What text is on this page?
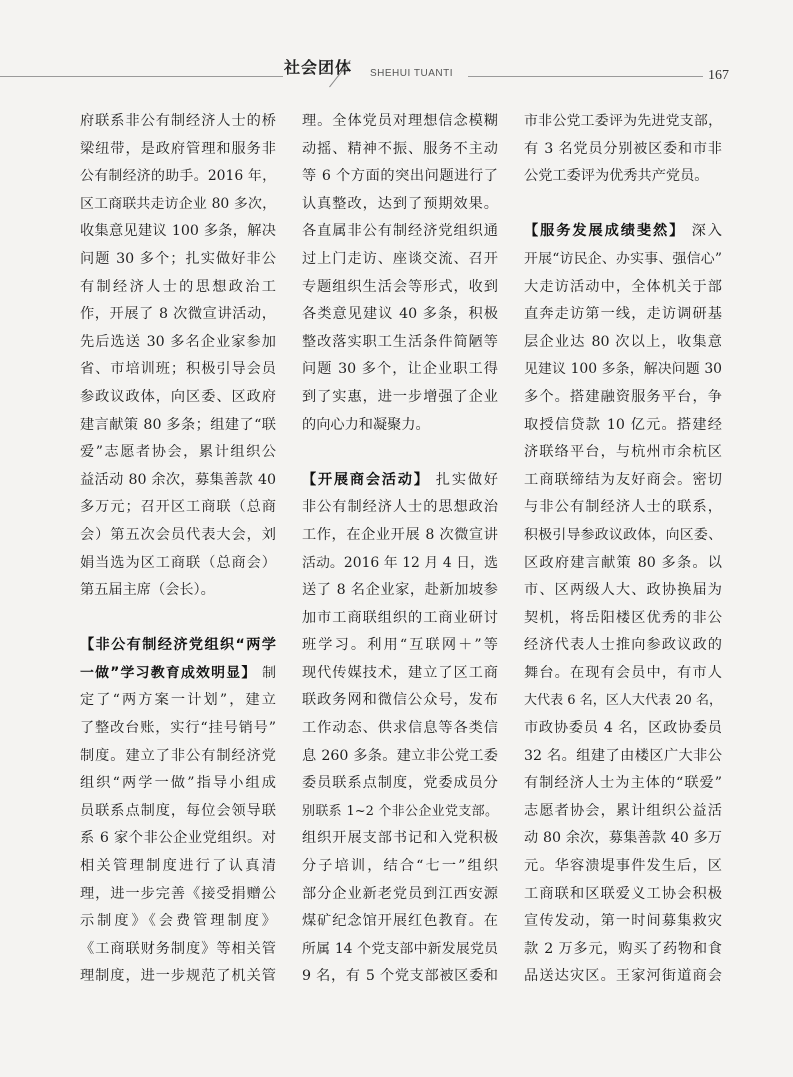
社会团体 SHEHUI TUANTI	167
府联系非公有制经济人士的桥
梁纽带，是政府管理和服务非
公有制经济的助手。2016 年，
区工商联共走访企业 80 多次，
收集意见建议 100 多条，解决
问题 30 多个；扎实做好非公
有制经济人士的思想政治工
作，开展了 8 次微宣讲活动，
先后选送 30 多名企业家参加
省、市培训班；积极引导会员
参政议政体，向区委、区政府
建言献策 80 多条；组建了“联
爱”志愿者协会，累计组织公
益活动 80 余次，募集善款 40
多万元；召开区工商联（总商
会）第五次会员代表大会，刘
娟当选为区工商联（总商会）
第五届主席（会长）。
【非公有制经济党组织“两学
一做”学习教育成效明显】 制
定了“两方案一计划”，建立
了整改台账，实行“挂号销号”
制度。建立了非公有制经济党
组织“两学一做”指导小组成
员联系点制度，每位会领导联
系 6 家个非公企业党组织。对
相关管理制度进行了认真清
理，进一步完善《接受捐赠公
示制度》《会费管理制度》
《工商联财务制度》等相关管
理制度，进一步规范了机关管
理。全体党员对理想信念模糊
动摇、精神不振、服务不主动
等 6 个方面的突出问题进行了
认真整改，达到了预期效果。
各直属非公有制经济党组织通
过上门走访、座谈交流、召开
专题组织生活会等形式，收到
各类意见建议 40 多条，积极
整改落实职工生活条件简陋等
问题 30 多个，让企业职工得
到了实惠，进一步增强了企业
的向心力和凝聚力。
【开展商会活动】 扎实做好
非公有制经济人士的思想政治
工作，在企业开展 8 次微宣讲
活动。2016 年 12 月 4 日，选
送了 8 名企业家，赴新加坡参
加市工商联组织的工商业研讨
班学习。利用“互联网＋”等
现代传媒技术，建立了区工商
联政务网和微信公众号，发布
工作动态、供求信息等各类信
息 260 多条。建立非公党工委
委员联系点制度，党委成员分
别联系 1~2 个非公企业党支部。
组织开展支部书记和入党积极
分子培训，结合“七一”组织
部分企业新老党员到江西安源
煤矿纪念馆开展红色教育。在
所属 14 个党支部中新发展党员
9 名，有 5 个党支部被区委和
市非公党工委评为先进党支部，
有 3 名党员分别被区委和市非
公党工委评为优秀共产党员。
【服务发展成绩斐然】 深入
开展“访民企、办实事、强信心”
大走访活动中，全体机关于部
直奔走访第一线，走访调研基
层企业达 80 次以上，收集意
见建议 100 多条，解决问题 30
多个。搭建融资服务平台，争
取授信贷款 10 亿元。搭建经
济联络平台，与杭州市余杭区
工商联缔结为友好商会。密切
与非公有制经济人士的联系，
积极引导参政议政体，向区委、
区政府建言献策 80 多条。以
市、区两级人大、政协换届为
契机，将岳阳楼区优秀的非公
经济代表人士推向参政议政的
舞台。在现有会员中，有市人
大代表 6 名，区人大代表 20 名，
市政协委员 4 名，区政协委员
32 名。组建了由楼区广大非公
有制经济人士为主体的“联爱”
志愿者协会，累计组织公益活
动 80 余次，募集善款 40 多万
元。华容溃堤事件发生后，区
工商联和区联爱义工协会积极
宣传发动，第一时间募集救灾
款 2 万多元，购买了药物和食
品送达灾区。王家河街道商会
